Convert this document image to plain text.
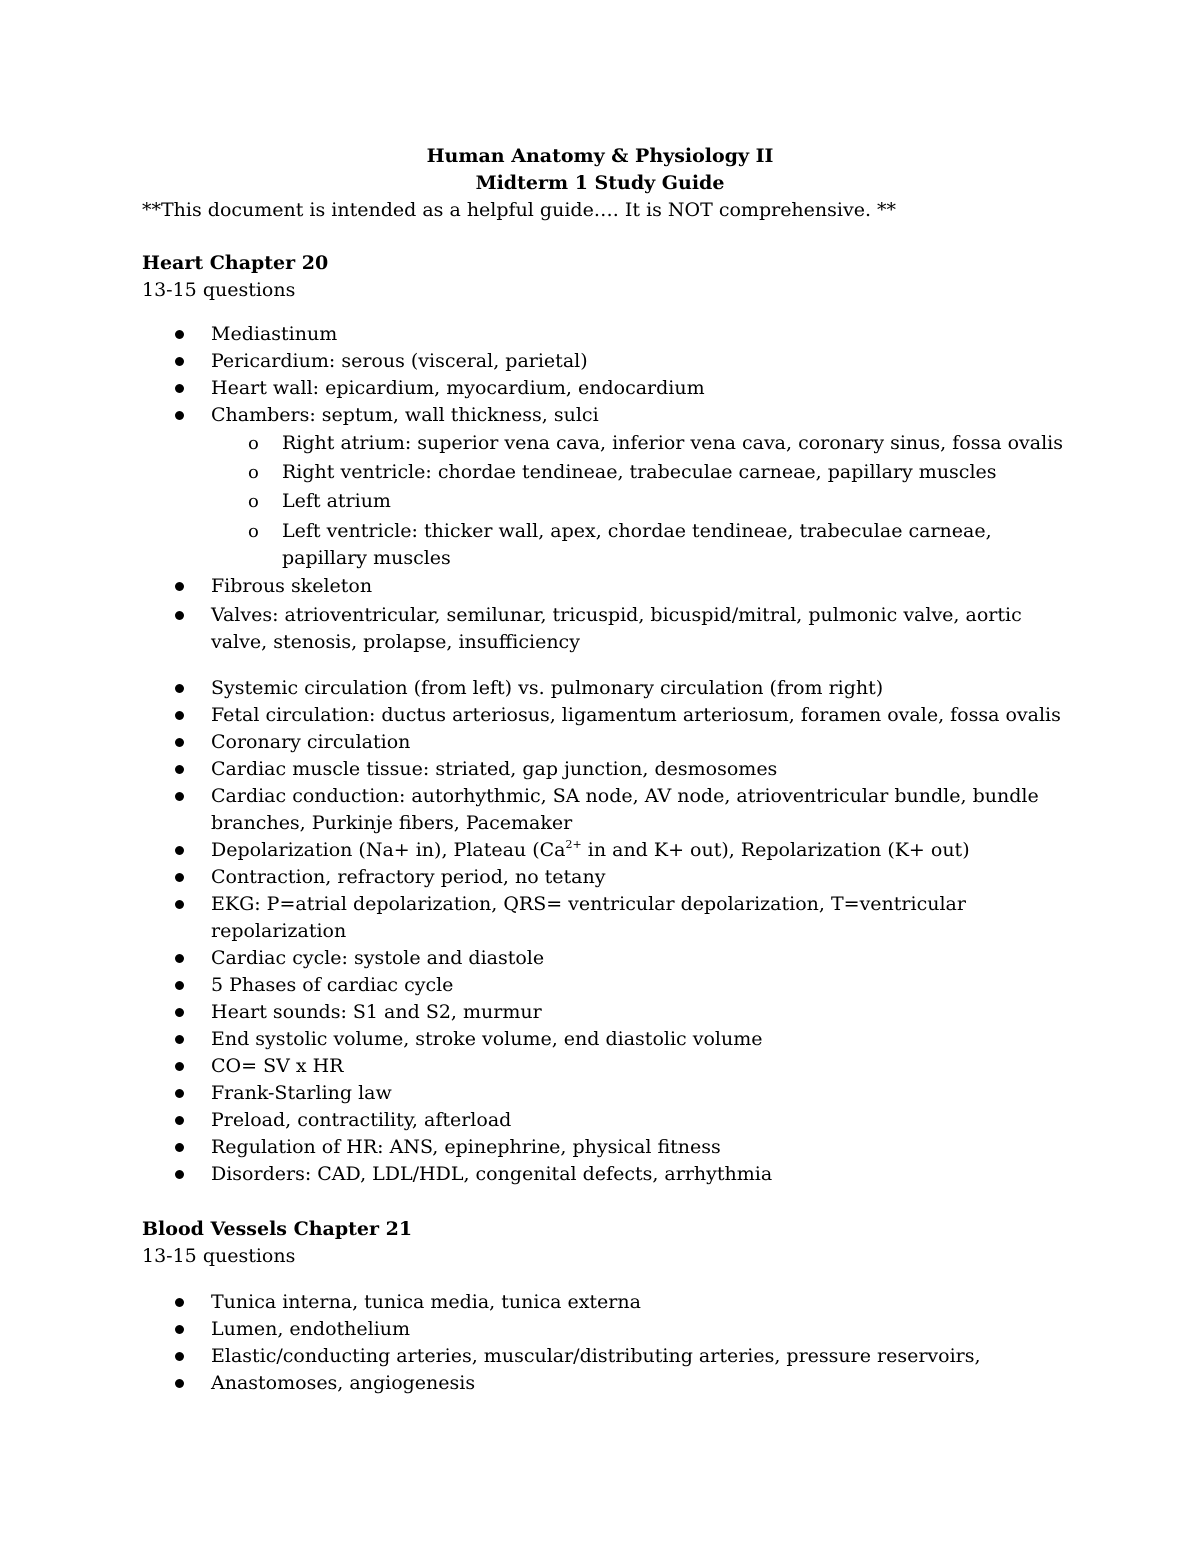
Human Anatomy & Physiology II
Midterm 1 Study Guide
**This document is intended as a helpful guide…. It is NOT comprehensive. **
Heart Chapter 20
13-15 questions
Mediastinum
Pericardium: serous (visceral, parietal)
Heart wall: epicardium, myocardium, endocardium
Chambers: septum, wall thickness, sulci
o Right atrium: superior vena cava, inferior vena cava, coronary sinus, fossa ovalis
o Right ventricle: chordae tendineae, trabeculae carneae, papillary muscles
o Left atrium
o Left ventricle: thicker wall, apex, chordae tendineae, trabeculae carneae, papillary muscles
Fibrous skeleton
Valves: atrioventricular, semilunar, tricuspid, bicuspid/mitral, pulmonic valve, aortic valve, stenosis, prolapse, insufficiency
Systemic circulation (from left) vs. pulmonary circulation (from right)
Fetal circulation: ductus arteriosus, ligamentum arteriosum, foramen ovale, fossa ovalis
Coronary circulation
Cardiac muscle tissue: striated, gap junction, desmosomes
Cardiac conduction: autorhythmic, SA node, AV node, atrioventricular bundle, bundle branches, Purkinje fibers, Pacemaker
Depolarization (Na+ in), Plateau ($Ca^{2+}$ in and K+ out), Repolarization (K+ out)
Contraction, refractory period, no tetany
EKG: P=atrial depolarization, QRS= ventricular depolarization, T=ventricular repolarization
Cardiac cycle: systole and diastole
5 Phases of cardiac cycle
Heart sounds: S1 and S2, murmur
End systolic volume, stroke volume, end diastolic volume
CO= SV x HR
Frank-Starling law
Preload, contractility, afterload
Regulation of HR: ANS, epinephrine, physical fitness
Disorders: CAD, LDL/HDL, congenital defects, arrhythmia
Blood Vessels Chapter 21
13-15 questions
Tunica interna, tunica media, tunica externa
Lumen, endothelium
Elastic/conducting arteries, muscular/distributing arteries, pressure reservoirs,
Anastomoses, angiogenesis
